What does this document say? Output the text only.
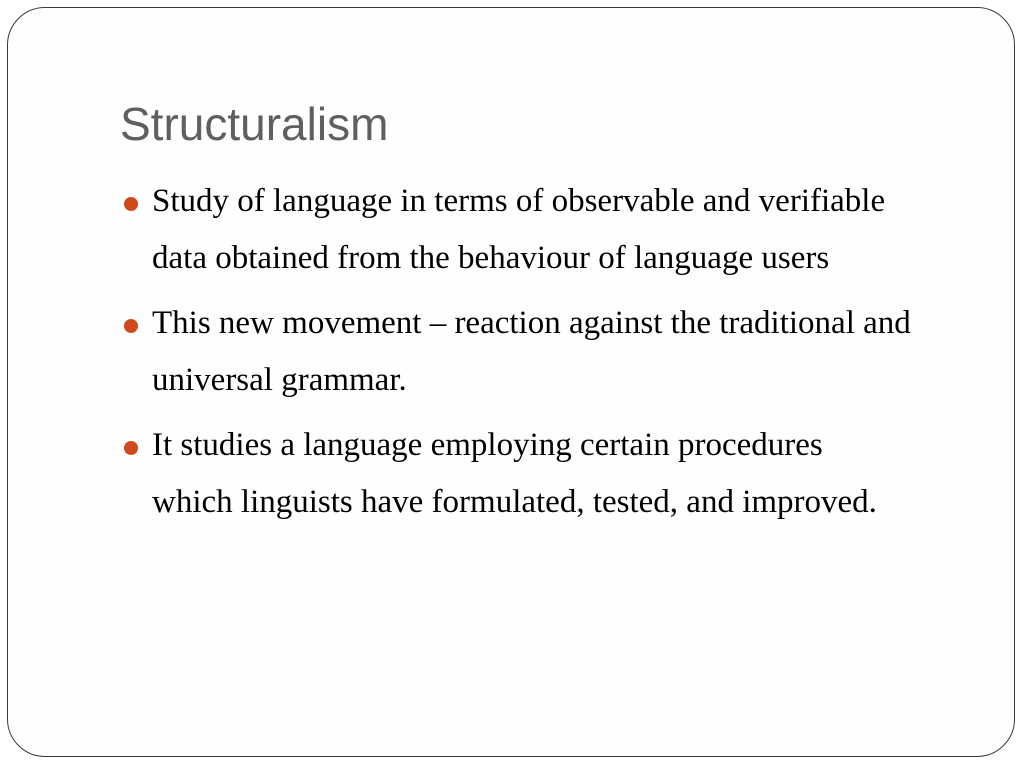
Structuralism
Study of language in terms of observable and verifiable data obtained from the behaviour of language users
This new movement – reaction against the traditional and universal grammar.
It studies a language employing certain procedures which linguists have formulated, tested, and improved.
